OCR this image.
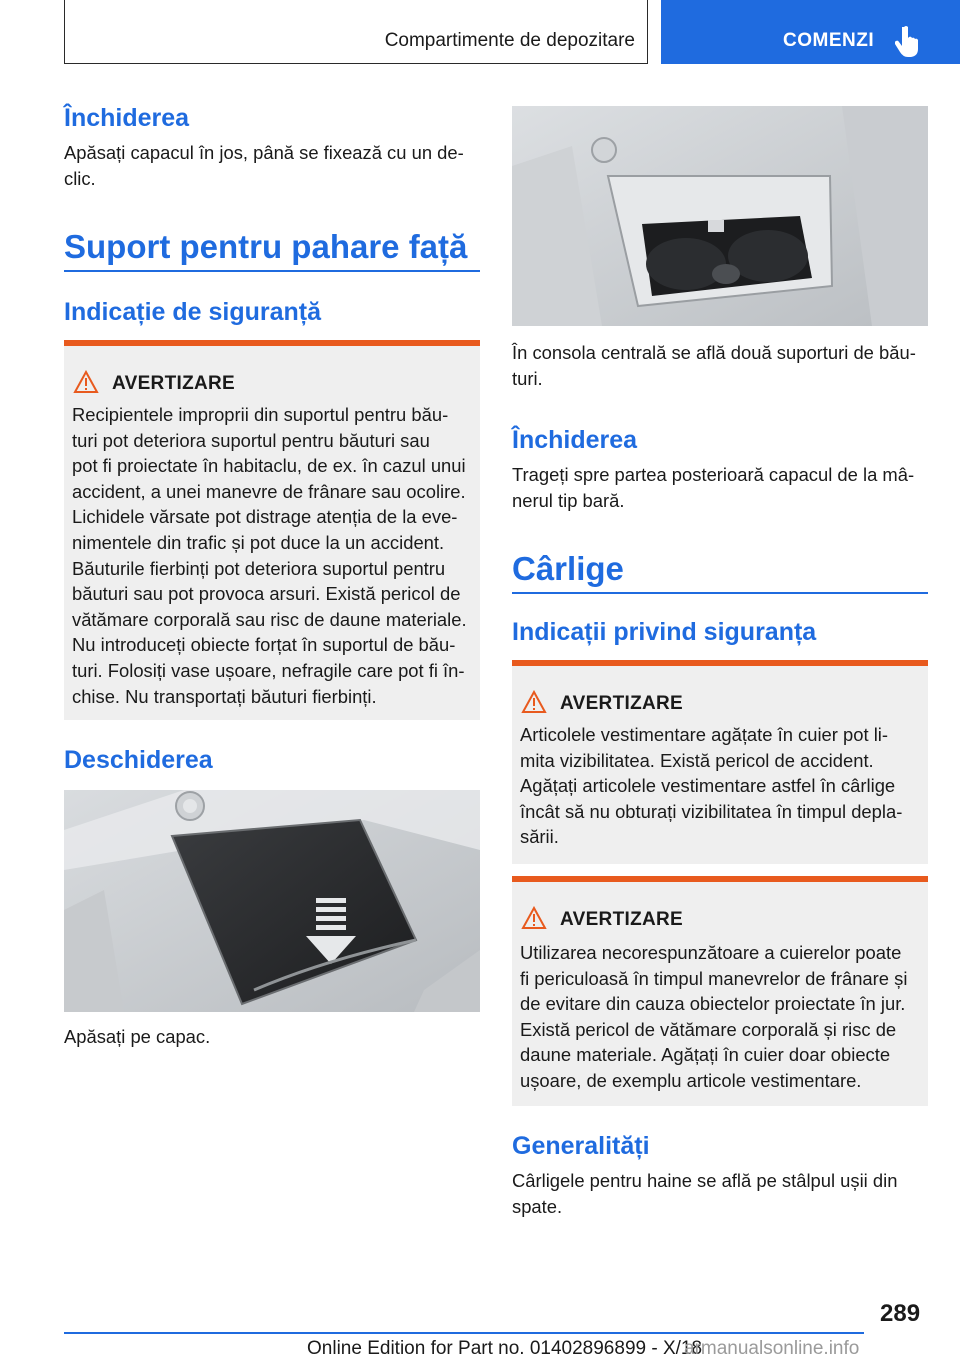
Compartimente de depozitare	COMENZI
Închiderea

Apăsați capacul în jos, până se fixează cu un de-

clic.

Suport pentru pahare față
Indicație de siguranță
AVERTIZARE
Recipientele improprii din suportul pentru bău-
turi pot deteriora suportul pentru băuturi sau
pot fi proiectate în habitaclu, de ex. în cazul unui
accident, a unei manevre de frânare sau ocolire.
Lichidele vărsate pot distrage atenția de la eve-
nimentele din trafic și pot duce la un accident.
Băuturile fierbinți pot deteriora suportul pentru
băuturi sau pot provoca arsuri. Există pericol de
vătămare corporală sau risc de daune materiale.
Nu introduceți obiecte forțat în suportul de bău-
turi. Folosiți vase ușoare, nefragile care pot fi în-
chise. Nu transportați băuturi fierbinți.
Deschiderea

Apăsați pe capac.

În consola centrală se află două suporturi de bău-

turi.

Închiderea

Trageți spre partea posterioară capacul de la mâ-

nerul tip bară.

Cârlige
Indicații privind siguranța
AVERTIZARE
Articolele vestimentare agățate în cuier pot li-
mita vizibilitatea. Există pericol de accident.
Agățați articolele vestimentare astfel în cârlige
încât să nu obturați vizibilitatea în timpul depla-
sării.
AVERTIZARE
Utilizarea necorespunzătoare a cuierelor poate
fi periculoasă în timpul manevrelor de frânare și
de evitare din cauza obiectelor proiectate în jur.
Există pericol de vătămare corporală și risc de
daune materiale. Agățați în cuier doar obiecte
ușoare, de exemplu articole vestimentare.
Generalități

Cârligele pentru haine se află pe stâlpul ușii din

spate.

289
Online Edition for Part no. 01402896899 - X/18
armanualsonline.info
